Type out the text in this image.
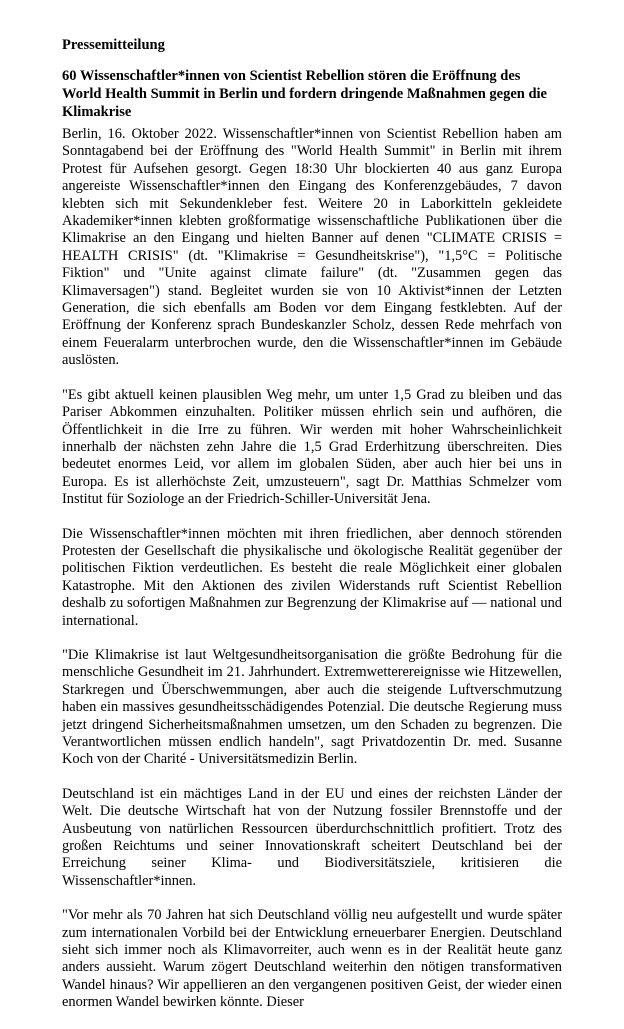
Pressemitteilung

60 Wissenschaftler*innen von Scientist Rebellion stören die Eröffnung des World Health Summit in Berlin und fordern dringende Maßnahmen gegen die Klimakrise

Berlin, 16. Oktober 2022. Wissenschaftler*innen von Scientist Rebellion haben am Sonntagabend bei der Eröffnung des "World Health Summit" in Berlin mit ihrem Protest für Aufsehen gesorgt. Gegen 18:30 Uhr blockierten 40 aus ganz Europa angereiste Wissenschaftler*innen den Eingang des Konferenzgebäudes, 7 davon klebten sich mit Sekundenkleber fest. Weitere 20 in Laborkitteln gekleidete Akademiker*innen klebten großformatige wissenschaftliche Publikationen über die Klimakrise an den Eingang und hielten Banner auf denen "CLIMATE CRISIS = HEALTH CRISIS" (dt. "Klimakrise = Gesundheitskrise"), "1,5°C = Politische Fiktion" und "Unite against climate failure" (dt. "Zusammen gegen das Klimaversagen") stand. Begleitet wurden sie von 10 Aktivist*innen der Letzten Generation, die sich ebenfalls am Boden vor dem Eingang festklebten. Auf der Eröffnung der Konferenz sprach Bundeskanzler Scholz, dessen Rede mehrfach von einem Feueralarm unterbrochen wurde, den die Wissenschaftler*innen im Gebäude auslösten.

"Es gibt aktuell keinen plausiblen Weg mehr, um unter 1,5 Grad zu bleiben und das Pariser Abkommen einzuhalten. Politiker müssen ehrlich sein und aufhören, die Öffentlichkeit in die Irre zu führen. Wir werden mit hoher Wahrscheinlichkeit innerhalb der nächsten zehn Jahre die 1,5 Grad Erderhitzung überschreiten. Dies bedeutet enormes Leid, vor allem im globalen Süden, aber auch hier bei uns in Europa. Es ist allerhöchste Zeit, umzusteuern", sagt Dr. Matthias Schmelzer vom Institut für Soziologe an der Friedrich-Schiller-Universität Jena.

Die Wissenschaftler*innen möchten mit ihren friedlichen, aber dennoch störenden Protesten der Gesellschaft die physikalische und ökologische Realität gegenüber der politischen Fiktion verdeutlichen. Es besteht die reale Möglichkeit einer globalen Katastrophe. Mit den Aktionen des zivilen Widerstands ruft Scientist Rebellion deshalb zu sofortigen Maßnahmen zur Begrenzung der Klimakrise auf — national und international.

"Die Klimakrise ist laut Weltgesundheitsorganisation die größte Bedrohung für die menschliche Gesundheit im 21. Jahrhundert. Extremwetterereignisse wie Hitzewellen, Starkregen und Überschwemmungen, aber auch die steigende Luftverschmutzung haben ein massives gesundheitsschädigendes Potenzial. Die deutsche Regierung muss jetzt dringend Sicherheitsmaßnahmen umsetzen, um den Schaden zu begrenzen. Die Verantwortlichen müssen endlich handeln", sagt Privatdozentin Dr. med. Susanne Koch von der Charité - Universitätsmedizin Berlin.

Deutschland ist ein mächtiges Land in der EU und eines der reichsten Länder der Welt. Die deutsche Wirtschaft hat von der Nutzung fossiler Brennstoffe und der Ausbeutung von natürlichen Ressourcen überdurchschnittlich profitiert. Trotz des großen Reichtums und seiner Innovationskraft scheitert Deutschland bei der Erreichung seiner Klima- und Biodiversitätsziele, kritisieren die Wissenschaftler*innen.

"Vor mehr als 70 Jahren hat sich Deutschland völlig neu aufgestellt und wurde später zum internationalen Vorbild bei der Entwicklung erneuerbarer Energien. Deutschland sieht sich immer noch als Klimavorreiter, auch wenn es in der Realität heute ganz anders aussieht. Warum zögert Deutschland weiterhin den nötigen transformativen Wandel hinaus? Wir appellieren an den vergangenen positiven Geist, der wieder einen enormen Wandel bewirken könnte. Dieser
